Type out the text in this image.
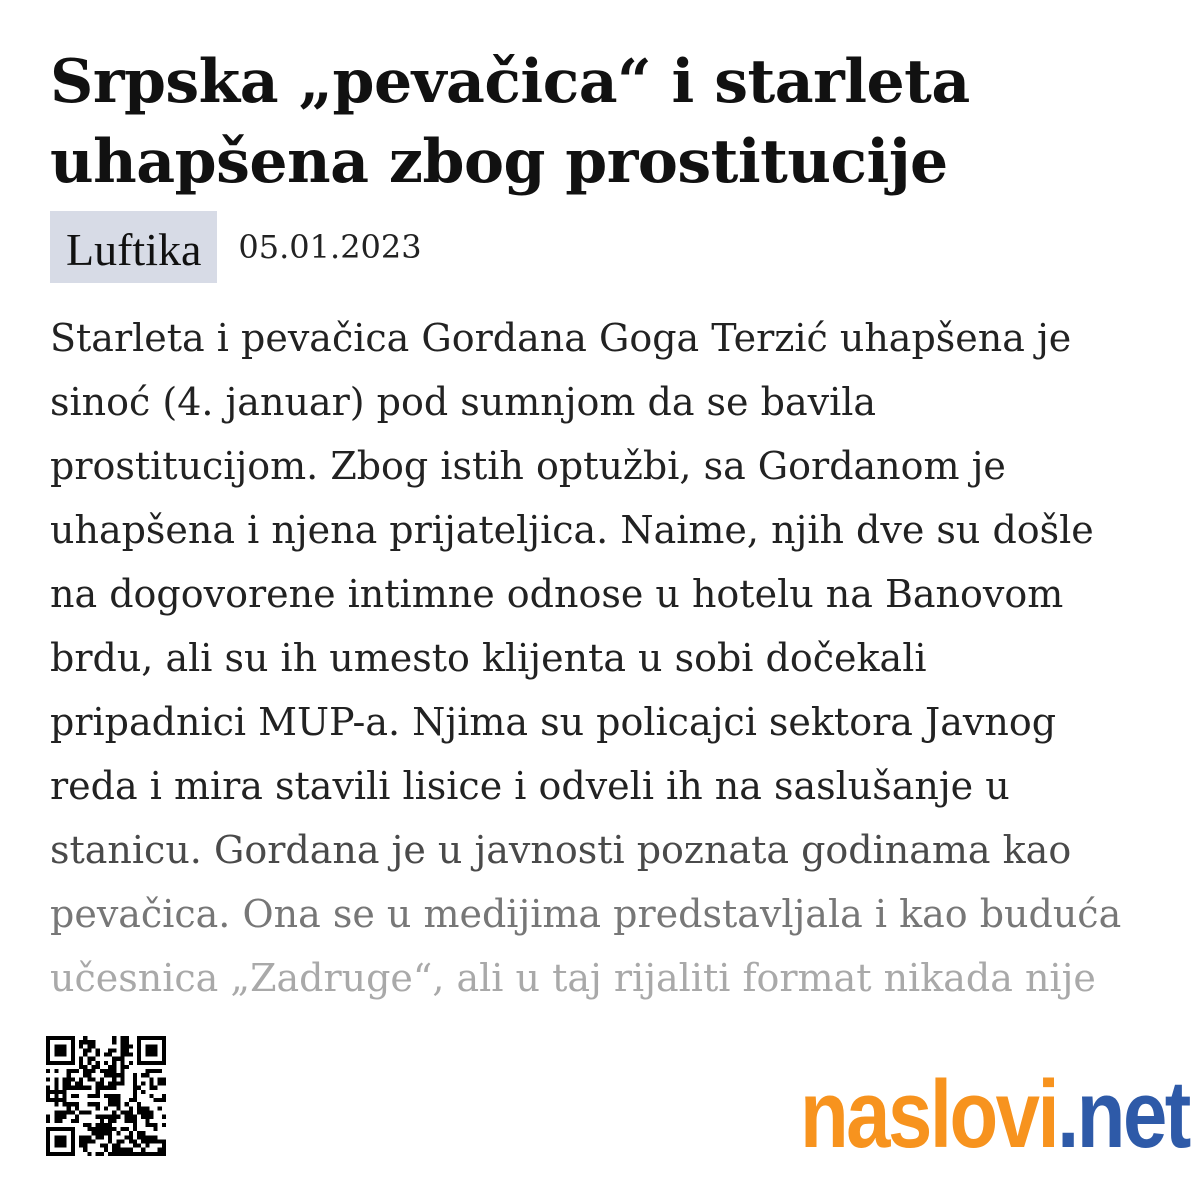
Srpska „pevačica“ i starleta
uhapšena zbog prostitucije
Luftika	05.01.2023

Starleta i pevačica Gordana Goga Terzić uhapšena je
sinoć (4. januar) pod sumnjom da se bavila
prostitucijom. Zbog istih optužbi, sa Gordanom je
uhapšena i njena prijateljica. Naime, njih dve su došle
na dogovorene intimne odnose u hotelu na Banovom
brdu, ali su ih umesto klijenta u sobi dočekali
pripadnici MUP-a. Njima su policajci sektora Javnog
reda i mira stavili lisice i odveli ih na saslušanje u
stanicu. Gordana je u javnosti poznata godinama kao
pevačica. Ona se u medijima predstavljala i kao buduća
učesnica „Zadruge“, ali u taj rijaliti format nikada nije

naslovi.net
